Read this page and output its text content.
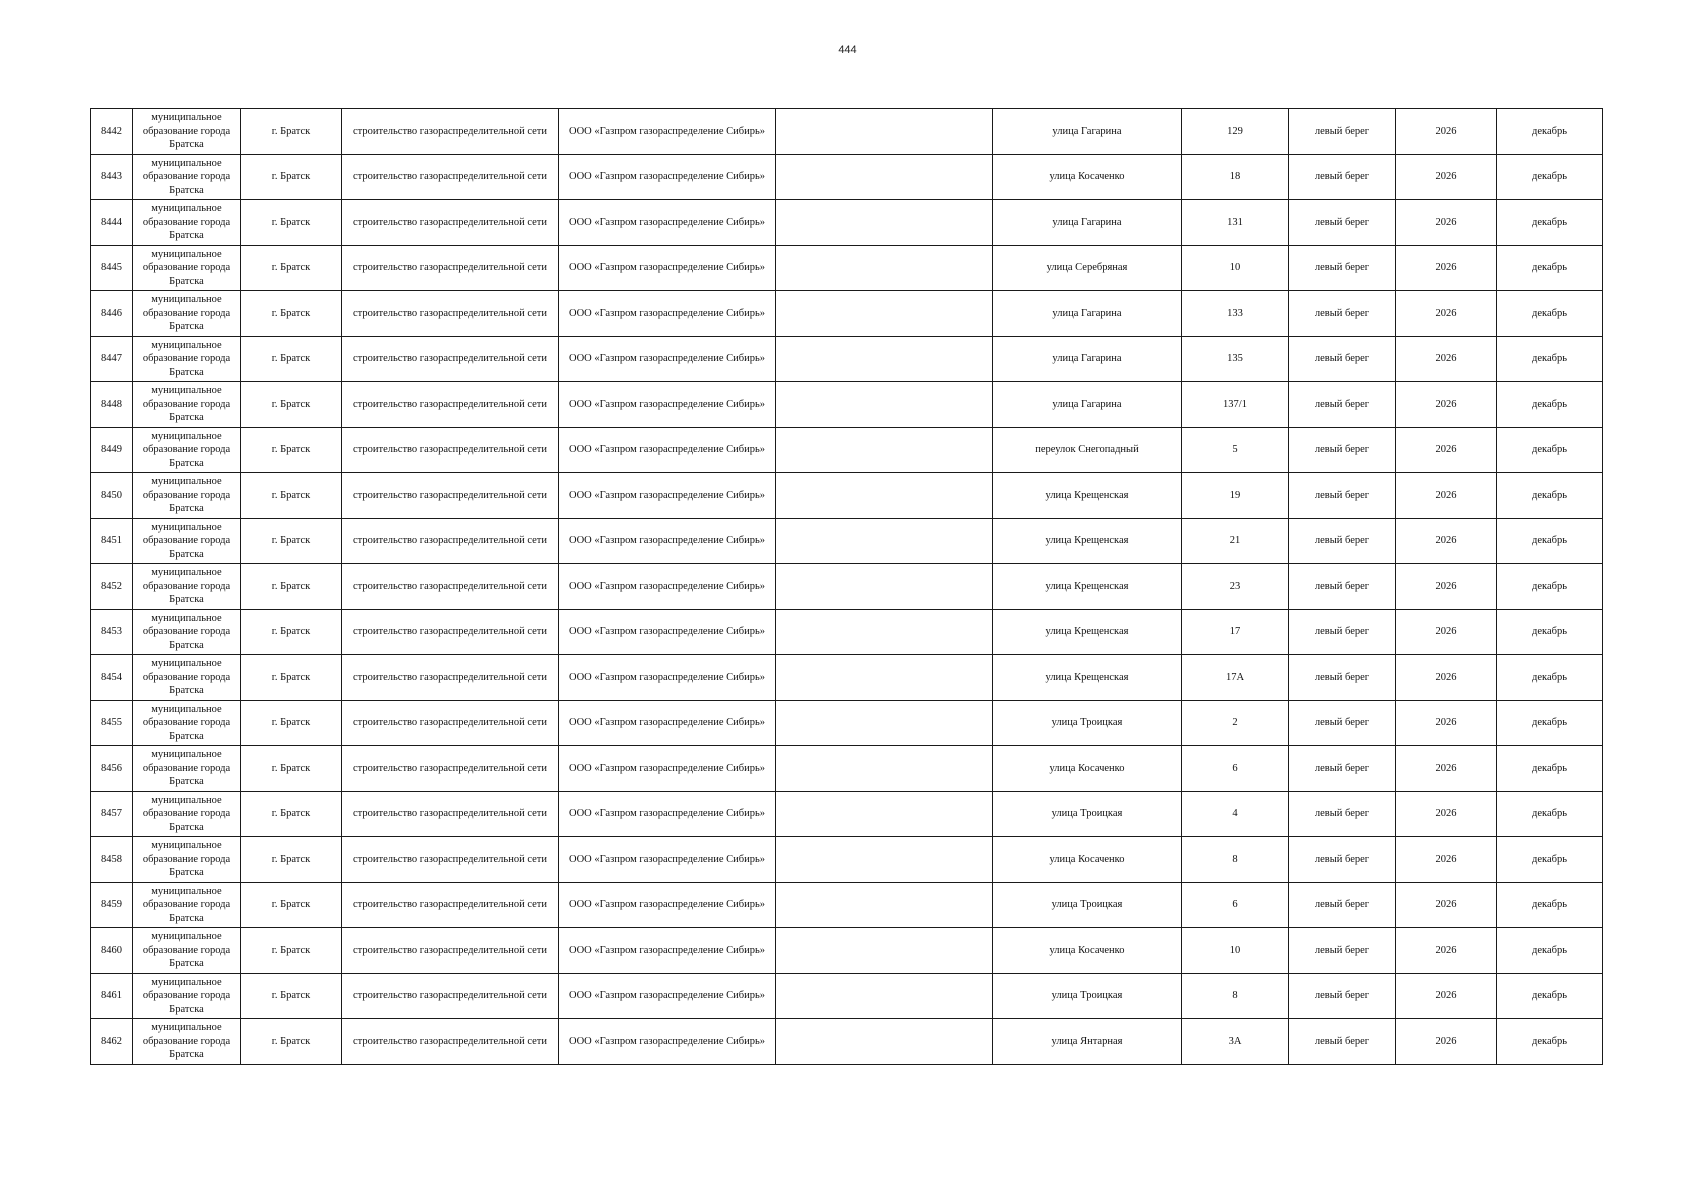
444
8442	муниципальное образование города Братска	г. Братск	строительство газораспределительной сети	ООО «Газпром газораспределение Сибирь»		улица Гагарина	129	левый берег	2026	декабрь
8443	муниципальное образование города Братска	г. Братск	строительство газораспределительной сети	ООО «Газпром газораспределение Сибирь»		улица Косаченко	18	левый берег	2026	декабрь
8444	муниципальное образование города Братска	г. Братск	строительство газораспределительной сети	ООО «Газпром газораспределение Сибирь»		улица Гагарина	131	левый берег	2026	декабрь
8445	муниципальное образование города Братска	г. Братск	строительство газораспределительной сети	ООО «Газпром газораспределение Сибирь»		улица Серебряная	10	левый берег	2026	декабрь
8446	муниципальное образование города Братска	г. Братск	строительство газораспределительной сети	ООО «Газпром газораспределение Сибирь»		улица Гагарина	133	левый берег	2026	декабрь
8447	муниципальное образование города Братска	г. Братск	строительство газораспределительной сети	ООО «Газпром газораспределение Сибирь»		улица Гагарина	135	левый берег	2026	декабрь
8448	муниципальное образование города Братска	г. Братск	строительство газораспределительной сети	ООО «Газпром газораспределение Сибирь»		улица Гагарина	137/1	левый берег	2026	декабрь
8449	муниципальное образование города Братска	г. Братск	строительство газораспределительной сети	ООО «Газпром газораспределение Сибирь»		переулок Снегопадный	5	левый берег	2026	декабрь
8450	муниципальное образование города Братска	г. Братск	строительство газораспределительной сети	ООО «Газпром газораспределение Сибирь»		улица Крещенская	19	левый берег	2026	декабрь
8451	муниципальное образование города Братска	г. Братск	строительство газораспределительной сети	ООО «Газпром газораспределение Сибирь»		улица Крещенская	21	левый берег	2026	декабрь
8452	муниципальное образование города Братска	г. Братск	строительство газораспределительной сети	ООО «Газпром газораспределение Сибирь»		улица Крещенская	23	левый берег	2026	декабрь
8453	муниципальное образование города Братска	г. Братск	строительство газораспределительной сети	ООО «Газпром газораспределение Сибирь»		улица Крещенская	17	левый берег	2026	декабрь
8454	муниципальное образование города Братска	г. Братск	строительство газораспределительной сети	ООО «Газпром газораспределение Сибирь»		улица Крещенская	17А	левый берег	2026	декабрь
8455	муниципальное образование города Братска	г. Братск	строительство газораспределительной сети	ООО «Газпром газораспределение Сибирь»		улица Троицкая	2	левый берег	2026	декабрь
8456	муниципальное образование города Братска	г. Братск	строительство газораспределительной сети	ООО «Газпром газораспределение Сибирь»		улица Косаченко	6	левый берег	2026	декабрь
8457	муниципальное образование города Братска	г. Братск	строительство газораспределительной сети	ООО «Газпром газораспределение Сибирь»		улица Троицкая	4	левый берег	2026	декабрь
8458	муниципальное образование города Братска	г. Братск	строительство газораспределительной сети	ООО «Газпром газораспределение Сибирь»		улица Косаченко	8	левый берег	2026	декабрь
8459	муниципальное образование города Братска	г. Братск	строительство газораспределительной сети	ООО «Газпром газораспределение Сибирь»		улица Троицкая	6	левый берег	2026	декабрь
8460	муниципальное образование города Братска	г. Братск	строительство газораспределительной сети	ООО «Газпром газораспределение Сибирь»		улица Косаченко	10	левый берег	2026	декабрь
8461	муниципальное образование города Братска	г. Братск	строительство газораспределительной сети	ООО «Газпром газораспределение Сибирь»		улица Троицкая	8	левый берег	2026	декабрь
8462	муниципальное образование города Братска	г. Братск	строительство газораспределительной сети	ООО «Газпром газораспределение Сибирь»		улица Янтарная	3А	левый берег	2026	декабрь
